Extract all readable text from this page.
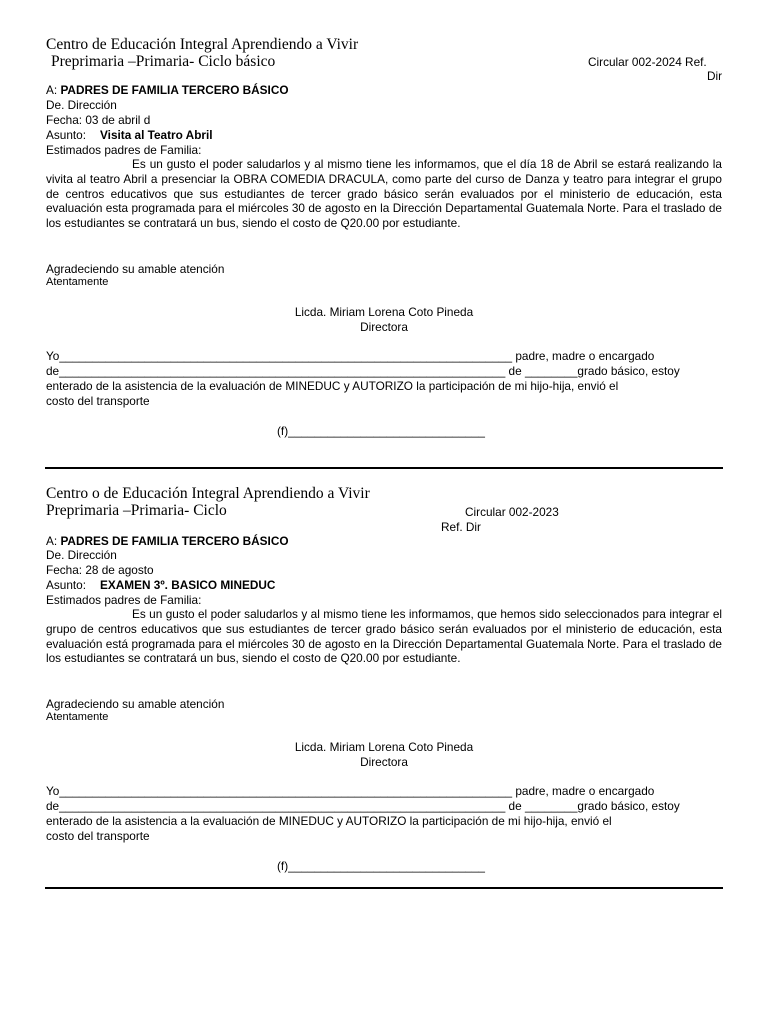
Centro de Educación Integral Aprendiendo a Vivir
Preprimaria –Primaria- Ciclo básico	Circular 002-2024 Ref.
Dir
A: PADRES DE FAMILIA TERCERO BÁSICO
De. Dirección
Fecha: 03 de abril d
Asunto: Visita al Teatro Abril
Estimados padres de Familia:
Es un gusto el poder saludarlos y al mismo tiene les informamos, que el día 18 de Abril se estará realizando la vivita al teatro Abril a presenciar la OBRA COMEDIA DRACULA, como parte del curso de Danza y teatro para integrar el grupo de centros educativos que sus estudiantes de tercer grado básico serán evaluados por el ministerio de educación, esta evaluación esta programada para el miércoles 30 de agosto en la Dirección Departamental Guatemala Norte. Para el traslado de los estudiantes se contratará un bus, siendo el costo de Q20.00 por estudiante.
Agradeciendo su amable atención
Atentamente
Licda. Miriam Lorena Coto Pineda
Directora
Yo_____________________________________________________________________ padre, madre o encargado
de____________________________________________________________________ de ________grado básico, estoy
enterado de la asistencia de la evaluación de MINEDUC y AUTORIZO la participación de mi hijo-hija, envió el
costo del transporte
(f)______________________________
Centro o de Educación Integral Aprendiendo a Vivir
Preprimaria –Primaria- Ciclo	Circular 002-2023
Ref. Dir
A: PADRES DE FAMILIA TERCERO BÁSICO
De. Dirección
Fecha: 28 de agosto
Asunto: EXAMEN 3º. BASICO MINEDUC
Estimados padres de Familia:
Es un gusto el poder saludarlos y al mismo tiene les informamos, que hemos sido seleccionados para integrar el grupo de centros educativos que sus estudiantes de tercer grado básico serán evaluados por el ministerio de educación, esta evaluación está programada para el miércoles 30 de agosto en la Dirección Departamental Guatemala Norte. Para el traslado de los estudiantes se contratará un bus, siendo el costo de Q20.00 por estudiante.
Agradeciendo su amable atención
Atentamente
Licda. Miriam Lorena Coto Pineda
Directora
Yo_____________________________________________________________________ padre, madre o encargado
de____________________________________________________________________ de ________grado básico, estoy
enterado de la asistencia a la evaluación de MINEDUC y AUTORIZO la participación de mi hijo-hija, envió el
costo del transporte
(f)______________________________
